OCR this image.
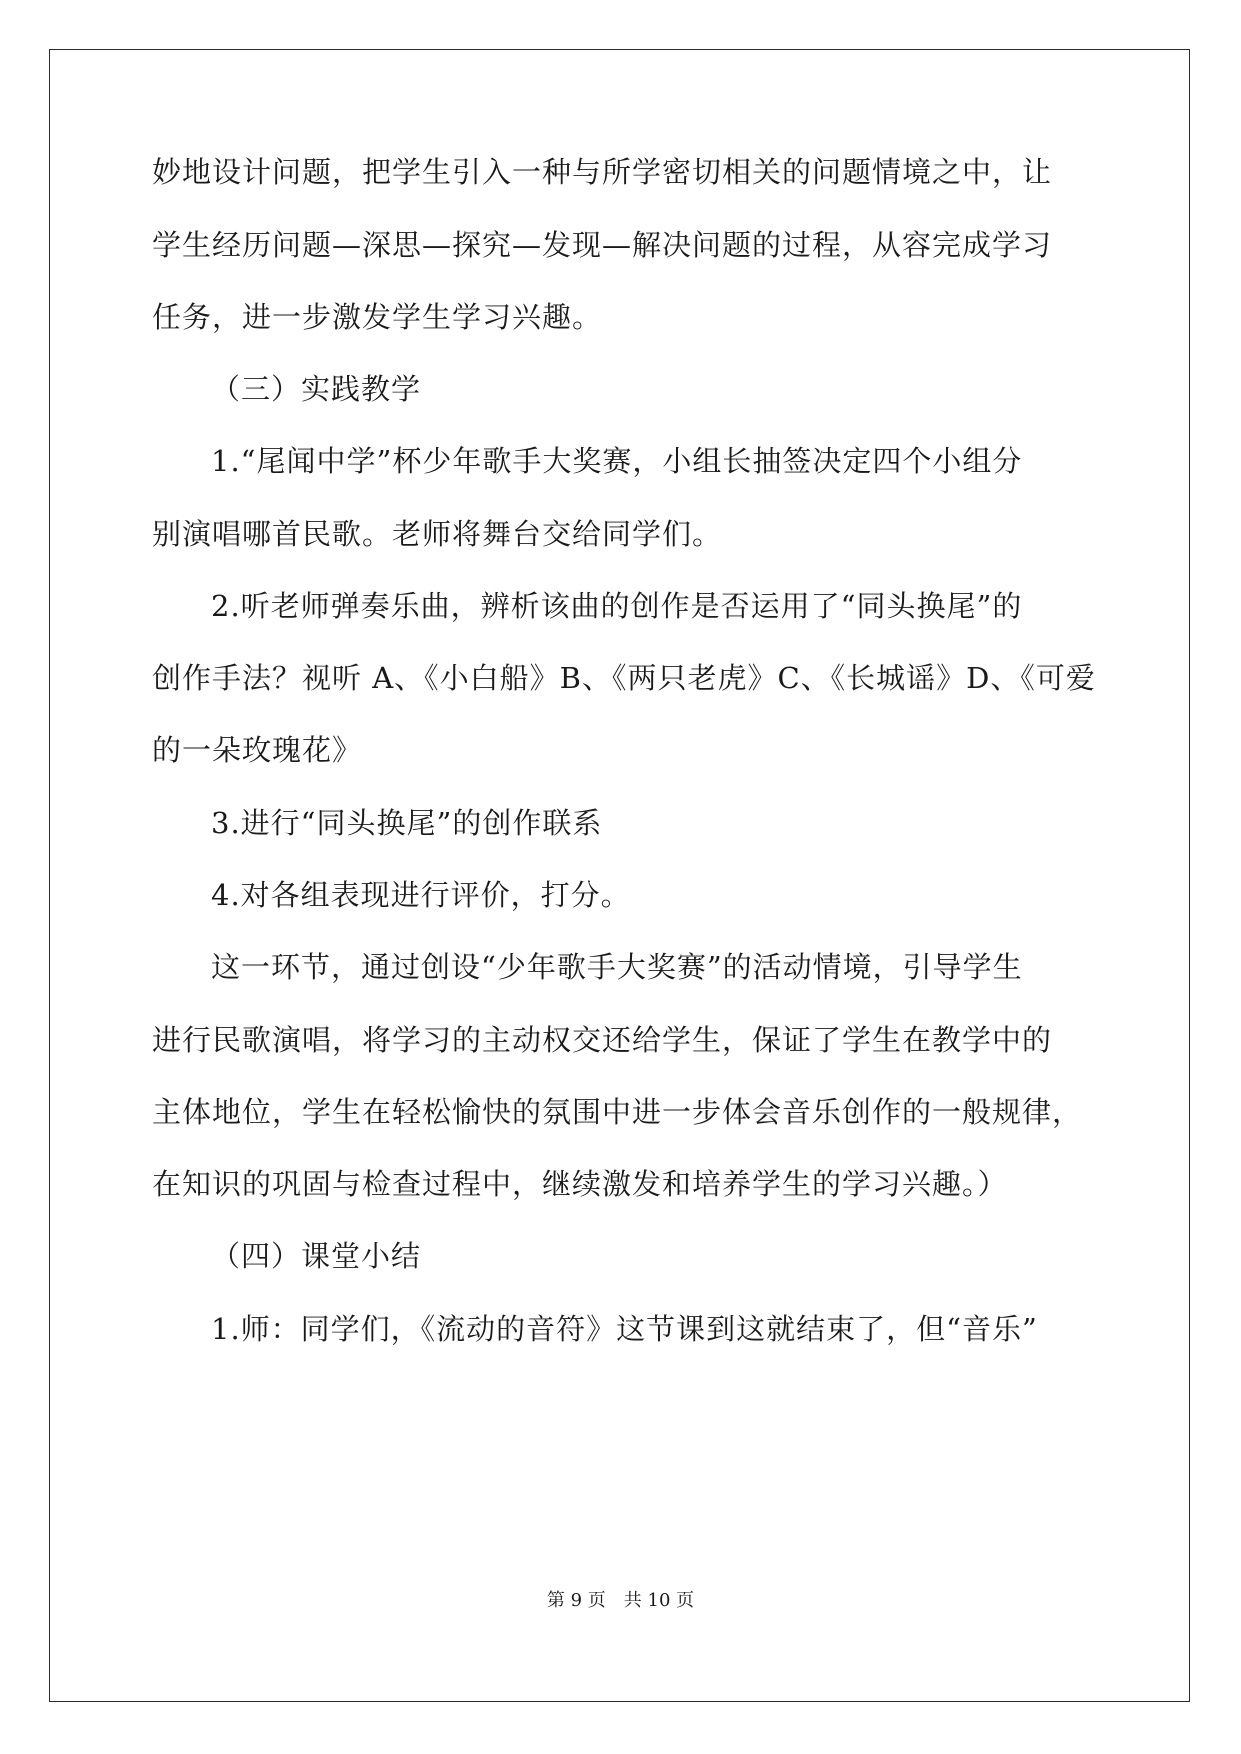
妙地设计问题，把学生引入一种与所学密切相关的问题情境之中，让
学生经历问题—深思—探究—发现—解决问题的过程，从容完成学习
任务，进一步激发学生学习兴趣。
（三）实践教学
1.“尾闻中学”杯少年歌手大奖赛，小组长抽签决定四个小组分
别演唱哪首民歌。老师将舞台交给同学们。
2.听老师弹奏乐曲，辨析该曲的创作是否运用了“同头换尾”的
创作手法？视听 A、《小白船》B、《两只老虎》C、《长城谣》D、《可爱
的一朵玫瑰花》
3.进行“同头换尾”的创作联系
4.对各组表现进行评价，打分。
这一环节，通过创设“少年歌手大奖赛”的活动情境，引导学生
进行民歌演唱，将学习的主动权交还给学生，保证了学生在教学中的
主体地位，学生在轻松愉快的氛围中进一步体会音乐创作的一般规律，
在知识的巩固与检查过程中，继续激发和培养学生的学习兴趣。）
（四）课堂小结
1.师：同学们，《流动的音符》这节课到这就结束了，但“音乐”
第 9 页　共 10 页
